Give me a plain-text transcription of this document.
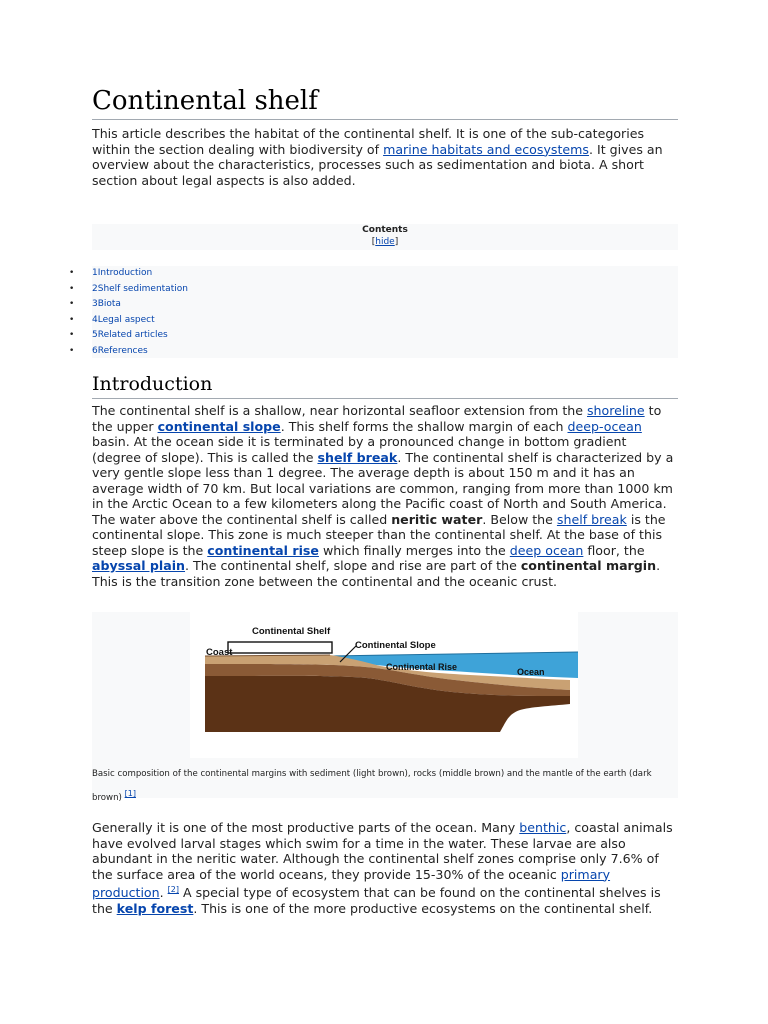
Continental shelf

This article describes the habitat of the continental shelf. It is one of the sub-categories within the section dealing with biodiversity of marine habitats and ecosystems. It gives an overview about the characteristics, processes such as sedimentation and biota. A short section about legal aspects is also added.

Contents
[hide]
• 1Introduction
• 2Shelf sedimentation
• 3Biota
• 4Legal aspect
• 5Related articles
• 6References
Introduction

The continental shelf is a shallow, near horizontal seafloor extension from the shoreline to the upper continental slope. This shelf forms the shallow margin of each deep-ocean basin. At the ocean side it is terminated by a pronounced change in bottom gradient (degree of slope). This is called the shelf break. The continental shelf is characterized by a very gentle slope less than 1 degree. The average depth is about 150 m and it has an average width of 70 km. But local variations are common, ranging from more than 1000 km in the Arctic Ocean to a few kilometers along the Pacific coast of North and South America. The water above the continental shelf is called neritic water. Below the shelf break is the continental slope. This zone is much steeper than the continental shelf. At the base of this steep slope is the continental rise which finally merges into the deep ocean floor, the abyssal plain. The continental shelf, slope and rise are part of the continental margin. This is the transition zone between the continental and the oceanic crust.

Continental Shelf
Continental Slope
Coast
Continental Rise	Ocean
Basic composition of the continental margins with sediment (light brown), rocks (middle brown) and the mantle of the earth (dark brown) [1]

Generally it is one of the most productive parts of the ocean. Many benthic, coastal animals have evolved larval stages which swim for a time in the water. These larvae are also abundant in the neritic water. Although the continental shelf zones comprise only 7.6% of the surface area of the world oceans, they provide 15-30% of the oceanic primary production. [2] A special type of ecosystem that can be found on the continental shelves is the kelp forest. This is one of the more productive ecosystems on the continental shelf.
